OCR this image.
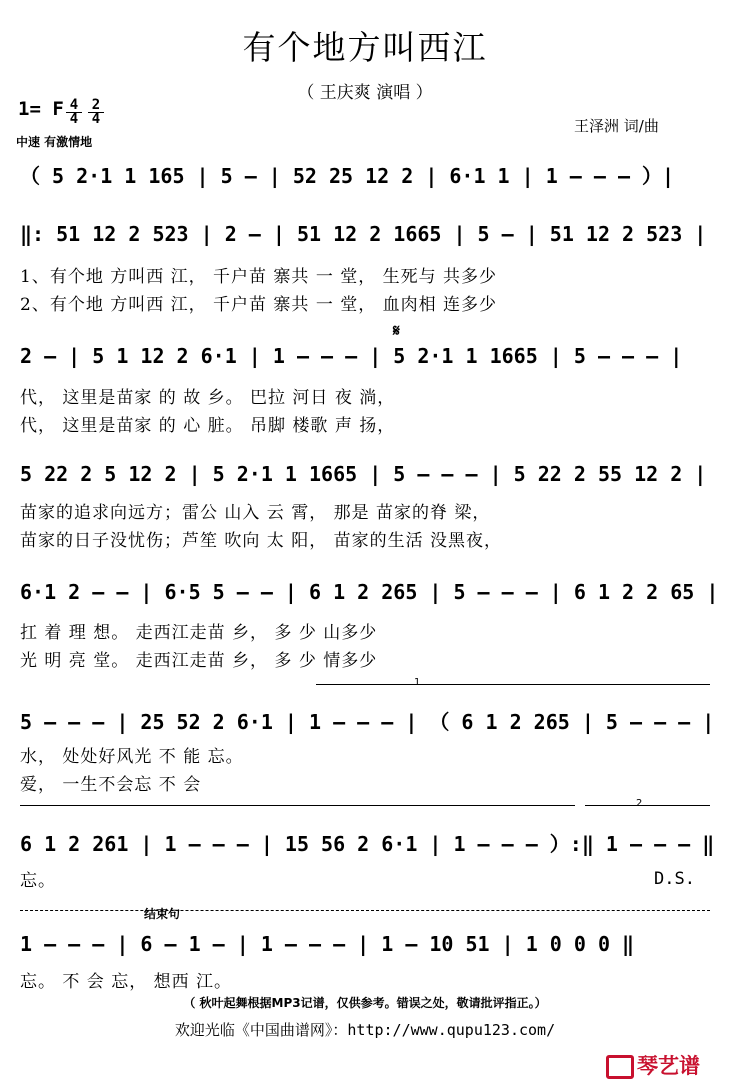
有个地方叫西江
（ 王庆爽 演唱 ）
1= F $\frac{4}{4} \frac{2}{4}$
中速 有激情地
王泽洲 词/曲
（ 5 2·1 1 165 | 5 – | 52 25 12 2 | 6·1 1 | 1 – – – ）|
‖: 51 12 2 523 | 2 – | 51 12 2 1665 | 5 – | 51 12 2 523 |
1、有个地 方叫西 江， 千户苗 寨共 一 堂， 生死与 共多少
2、有个地 方叫西 江， 千户苗 寨共 一 堂， 血肉相 连多少
𝄋
2 – | 5 1 12 2 6·1 | 1 – – – | 5 2·1 1 1665 | 5 – – – |
代， 这里是苗家 的 故 乡。 巴拉 河日 夜 淌，
代， 这里是苗家 的 心 脏。 吊脚 楼歌 声 扬，
5 22 2 5 12 2 | 5 2·1 1 1665 | 5 – – – | 5 22 2 55 12 2 |
苗家的追求向远方；雷公 山入 云 霄， 那是 苗家的脊 梁，
苗家的日子没忧伤；芦笙 吹向 太 阳， 苗家的生活 没黑夜，
6·1 2 – – | 6·5 5 – – | 6 1 2 265 | 5 – – – | 6 1 2 2 65 |
扛 着 理 想。 走西江走苗 乡， 多 少 山多少
光 明 亮 堂。 走西江走苗 乡， 多 少 情多少
1
5 – – – | 25 52 2 6·1 | 1 – – – | （ 6 1 2 265 | 5 – – – |
水， 处处好风光 不 能 忘。
爱， 一生不会忘 不 会
2
6 1 2 261 | 1 – – – | 15 56 2 6·1 | 1 – – – ）:‖ 1 – – – ‖
忘。	D.S.
结束句
1 – – – | 6 – 1 – | 1 – – – | 1 – 10 51 | 1 0 0 0 ‖
忘。 不 会 忘， 想西 江。
（ 秋叶起舞根据MP3记谱，仅供参考。错误之处，敬请批评指正。）
欢迎光临《中国曲谱网》：http://www.qupu123.com/
琴艺谱
